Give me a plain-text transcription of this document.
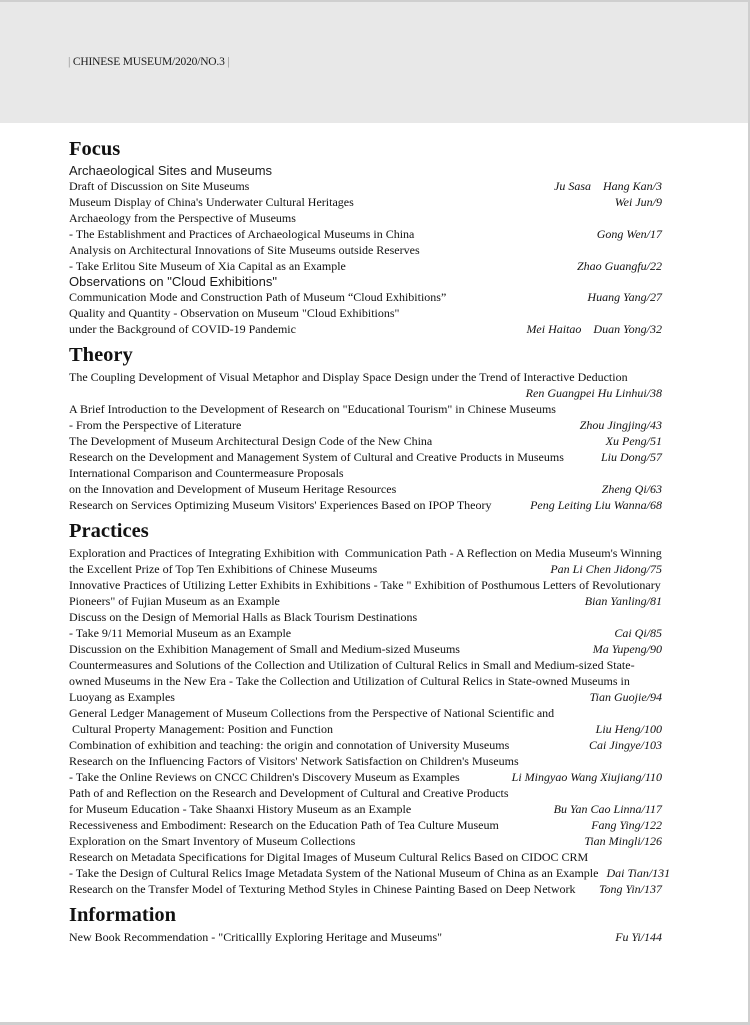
| CHINESE MUSEUM/2020/NO.3 |
Focus
Archaeological Sites and Museums
Draft of Discussion on Site Museums	Ju Sasa    Hang Kan/3
Museum Display of China's Underwater Cultural Heritages	Wei Jun/9
Archaeology from the Perspective of Museums
- The Establishment and Practices of Archaeological Museums in China	Gong Wen/17
Analysis on Architectural Innovations of Site Museums outside Reserves
- Take Erlitou Site Museum of Xia Capital as an Example	Zhao Guangfu/22
Observations on "Cloud Exhibitions"
Communication Mode and Construction Path of Museum “Cloud Exhibitions”	Huang Yang/27
Quality and Quantity - Observation on Museum "Cloud Exhibitions"
under the Background of COVID-19 Pandemic	Mei Haitao    Duan Yong/32
Theory
The Coupling Development of Visual Metaphor and Display Space Design under the Trend of Interactive Deduction
Ren Guangpei Hu Linhui/38
A Brief Introduction to the Development of Research on "Educational Tourism" in Chinese Museums
- From the Perspective of Literature	Zhou Jingjing/43
The Development of Museum Architectural Design Code of the New China	Xu Peng/51
Research on the Development and Management System of Cultural and Creative Products in Museums	Liu Dong/57
International Comparison and Countermeasure Proposals
on the Innovation and Development of Museum Heritage Resources	Zheng Qi/63
Research on Services Optimizing Museum Visitors' Experiences Based on IPOP Theory	Peng Leiting Liu Wanna/68
Practices
Exploration and Practices of Integrating Exhibition with  Communication Path - A Reflection on Media Museum's Winning
the Excellent Prize of Top Ten Exhibitions of Chinese Museums	Pan Li Chen Jidong/75
Innovative Practices of Utilizing Letter Exhibits in Exhibitions - Take " Exhibition of Posthumous Letters of Revolutionary
Pioneers" of Fujian Museum as an Example	Bian Yanling/81
Discuss on the Design of Memorial Halls as Black Tourism Destinations
- Take 9/11 Memorial Museum as an Example	Cai Qi/85
Discussion on the Exhibition Management of Small and Medium-sized Museums	Ma Yupeng/90
Countermeasures and Solutions of the Collection and Utilization of Cultural Relics in Small and Medium-sized State-
owned Museums in the New Era - Take the Collection and Utilization of Cultural Relics in State-owned Museums in
Luoyang as Examples	Tian Guojie/94
General Ledger Management of Museum Collections from the Perspective of National Scientific and
Cultural Property Management: Position and Function	Liu Heng/100
Combination of exhibition and teaching: the origin and connotation of University Museums	Cai Jingye/103
Research on the Influencing Factors of Visitors' Network Satisfaction on Children's Museums
- Take the Online Reviews on CNCC Children's Discovery Museum as Examples	Li Mingyao Wang Xiujiang/110
Path of and Reflection on the Research and Development of Cultural and Creative Products
for Museum Education - Take Shaanxi History Museum as an Example	Bu Yan Cao Linna/117
Recessiveness and Embodiment: Research on the Education Path of Tea Culture Museum	Fang Ying/122
Exploration on the Smart Inventory of Museum Collections	Tian Mingli/126
Research on Metadata Specifications for Digital Images of Museum Cultural Relics Based on CIDOC CRM
- Take the Design of Cultural Relics Image Metadata System of the National Museum of China as an Example Dai Tian/131
Research on the Transfer Model of Texturing Method Styles in Chinese Painting Based on Deep Network Tong Yin/137
Information
New Book Recommendation - "Criticallly Exploring Heritage and Museums"	Fu Yi/144
